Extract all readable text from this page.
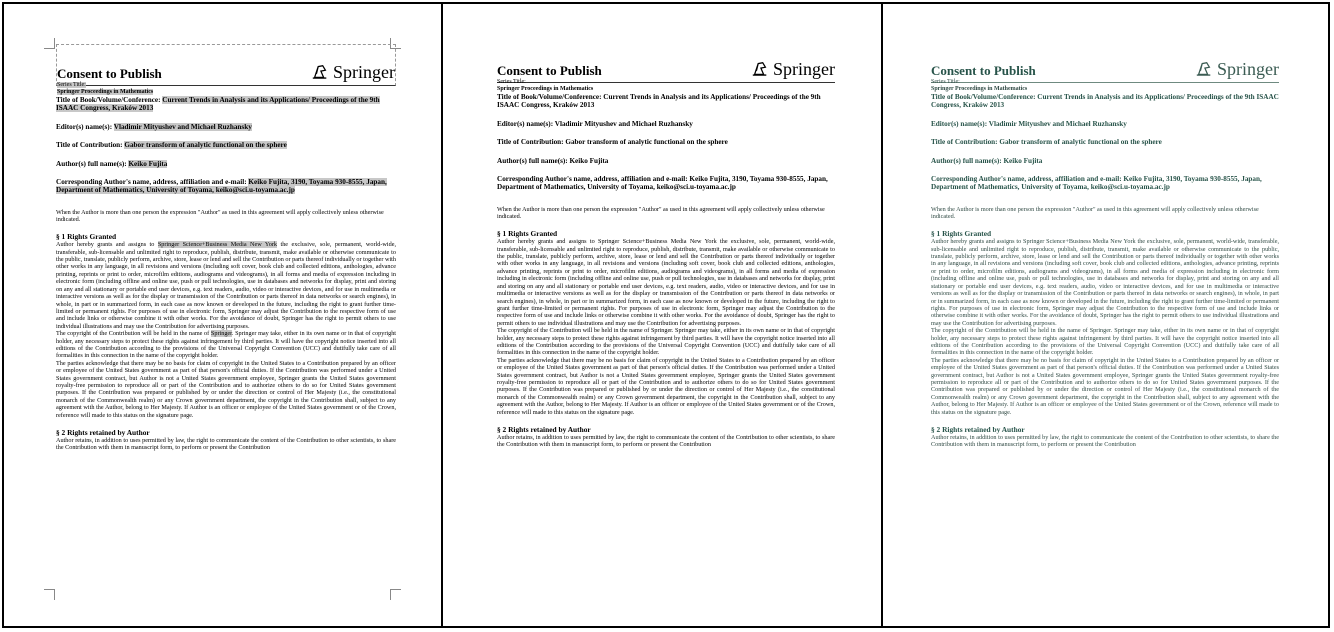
Consent to Publish	Springer
Series Title:
Springer Proceedings in Mathematics
Title of Book/Volume/Conference: Current Trends in Analysis and its Applications/ Proceedings of the 9th ISAAC Congress, Kraków 2013
Editor(s) name(s): Vladimir Mityushev and Michael Ruzhansky
Title of Contribution: Gabor transform of analytic functional on the sphere
Author(s) full name(s): Keiko Fujita
Corresponding Author's name, address, affiliation and e-mail: Keiko Fujita, 3190, Toyama 930-8555, Japan, Department of Mathematics, University of Toyama, keiko@sci.u-toyama.ac.jp
When the Author is more than one person the expression "Author" as used in this agreement will apply collectively unless otherwise indicated.
§ 1 Rights Granted
Author hereby grants and assigns to Springer Science+Business Media New York the exclusive, sole, permanent, world-wide, transferable, sub-licensable and unlimited right to reproduce, publish, distribute, transmit, make available or otherwise communicate to the public, translate, publicly perform, archive, store, lease or lend and sell the Contribution or parts thereof individually or together with other works in any language, in all revisions and versions (including soft cover, book club and collected editions, anthologies, advance printing, reprints or print to order, microfilm editions, audiograms and videograms), in all forms and media of expression including in electronic form (including offline and online use, push or pull technologies, use in databases and networks for display, print and storing on any and all stationary or portable end user devices, e.g. text readers, audio, video or interactive devices, and for use in multimedia or interactive versions as well as for the display or transmission of the Contribution or parts thereof in data networks or search engines), in whole, in part or in summarized form, in each case as now known or developed in the future, including the right to grant further time-limited or permanent rights. For purposes of use in electronic form, Springer may adjust the Contribution to the respective form of use and include links or otherwise combine it with other works. For the avoidance of doubt, Springer has the right to permit others to use individual illustrations and may use the Contribution for advertising purposes.
The copyright of the Contribution will be held in the name of Springer. Springer may take, either in its own name or in that of copyright holder, any necessary steps to protect these rights against infringement by third parties. It will have the copyright notice inserted into all editions of the Contribution according to the provisions of the Universal Copyright Convention (UCC) and dutifully take care of all formalities in this connection in the name of the copyright holder.
The parties acknowledge that there may be no basis for claim of copyright in the United States to a Contribution prepared by an officer or employee of the United States government as part of that person's official duties. If the Contribution was performed under a United States government contract, but Author is not a United States government employee, Springer grants the United States government royalty-free permission to reproduce all or part of the Contribution and to authorize others to do so for United States government purposes. If the Contribution was prepared or published by or under the direction or control of Her Majesty (i.e., the constitutional monarch of the Commonwealth realm) or any Crown government department, the copyright in the Contribution shall, subject to any agreement with the Author, belong to Her Majesty. If Author is an officer or employee of the United States government or of the Crown, reference will made to this status on the signature page.
§ 2 Rights retained by Author
Author retains, in addition to uses permitted by law, the right to communicate the content of the Contribution to other scientists, to share the Contribution with them in manuscript form, to perform or present the Contribution
Consent to Publish	Springer
Series Title:
Springer Proceedings in Mathematics
Title of Book/Volume/Conference: Current Trends in Analysis and its Applications/ Proceedings of the 9th ISAAC Congress, Kraków 2013
Editor(s) name(s): Vladimir Mityushev and Michael Ruzhansky
Title of Contribution: Gabor transform of analytic functional on the sphere
Author(s) full name(s): Keiko Fujita
Corresponding Author's name, address, affiliation and e-mail: Keiko Fujita, 3190, Toyama 930-8555, Japan, Department of Mathematics, University of Toyama, keiko@sci.u-toyama.ac.jp
When the Author is more than one person the expression "Author" as used in this agreement will apply collectively unless otherwise indicated.
§ 1 Rights Granted
Author hereby grants and assigns to Springer Science+Business Media New York the exclusive, sole, permanent, world-wide, transferable, sub-licensable and unlimited right to reproduce, publish, distribute, transmit, make available or otherwise communicate to the public, translate, publicly perform, archive, store, lease or lend and sell the Contribution or parts thereof individually or together with other works in any language, in all revisions and versions (including soft cover, book club and collected editions, anthologies, advance printing, reprints or print to order, microfilm editions, audiograms and videograms), in all forms and media of expression including in electronic form (including offline and online use, push or pull technologies, use in databases and networks for display, print and storing on any and all stationary or portable end user devices, e.g. text readers, audio, video or interactive devices, and for use in multimedia or interactive versions as well as for the display or transmission of the Contribution or parts thereof in data networks or search engines), in whole, in part or in summarized form, in each case as now known or developed in the future, including the right to grant further time-limited or permanent rights. For purposes of use in electronic form, Springer may adjust the Contribution to the respective form of use and include links or otherwise combine it with other works. For the avoidance of doubt, Springer has the right to permit others to use individual illustrations and may use the Contribution for advertising purposes.
The copyright of the Contribution will be held in the name of Springer. Springer may take, either in its own name or in that of copyright holder, any necessary steps to protect these rights against infringement by third parties. It will have the copyright notice inserted into all editions of the Contribution according to the provisions of the Universal Copyright Convention (UCC) and dutifully take care of all formalities in this connection in the name of the copyright holder.
The parties acknowledge that there may be no basis for claim of copyright in the United States to a Contribution prepared by an officer or employee of the United States government as part of that person's official duties. If the Contribution was performed under a United States government contract, but Author is not a United States government employee, Springer grants the United States government royalty-free permission to reproduce all or part of the Contribution and to authorize others to do so for United States government purposes. If the Contribution was prepared or published by or under the direction or control of Her Majesty (i.e., the constitutional monarch of the Commonwealth realm) or any Crown government department, the copyright in the Contribution shall, subject to any agreement with the Author, belong to Her Majesty. If Author is an officer or employee of the United States government or of the Crown, reference will made to this status on the signature page.
§ 2 Rights retained by Author
Author retains, in addition to uses permitted by law, the right to communicate the content of the Contribution to other scientists, to share the Contribution with them in manuscript form, to perform or present the Contribution
Consent to Publish	Springer
Series Title:
Springer Proceedings in Mathematics
Title of Book/Volume/Conference: Current Trends in Analysis and its Applications/ Proceedings of the 9th ISAAC Congress, Kraków 2013
Editor(s) name(s): Vladimir Mityushev and Michael Ruzhansky
Title of Contribution: Gabor transform of analytic functional on the sphere
Author(s) full name(s): Keiko Fujita
Corresponding Author's name, address, affiliation and e-mail: Keiko Fujita, 3190, Toyama 930-8555, Japan, Department of Mathematics, University of Toyama, keiko@sci.u-toyama.ac.jp
When the Author is more than one person the expression "Author" as used in this agreement will apply collectively unless otherwise indicated.
§ 1 Rights Granted
Author hereby grants and assigns to Springer Science+Business Media New York the exclusive, sole, permanent, world-wide, transferable, sub-licensable and unlimited right to reproduce, publish, distribute, transmit, make available or otherwise communicate to the public, translate, publicly perform, archive, store, lease or lend and sell the Contribution or parts thereof individually or together with other works in any language, in all revisions and versions (including soft cover, book club and collected editions, anthologies, advance printing, reprints or print to order, microfilm editions, audiograms and videograms), in all forms and media of expression including in electronic form (including offline and online use, push or pull technologies, use in databases and networks for display, print and storing on any and all stationary or portable end user devices, e.g. text readers, audio, video or interactive devices, and for use in multimedia or interactive versions as well as for the display or transmission of the Contribution or parts thereof in data networks or search engines), in whole, in part or in summarized form, in each case as now known or developed in the future, including the right to grant further time-limited or permanent rights. For purposes of use in electronic form, Springer may adjust the Contribution to the respective form of use and include links or otherwise combine it with other works. For the avoidance of doubt, Springer has the right to permit others to use individual illustrations and may use the Contribution for advertising purposes.
The copyright of the Contribution will be held in the name of Springer. Springer may take, either in its own name or in that of copyright holder, any necessary steps to protect these rights against infringement by third parties. It will have the copyright notice inserted into all editions of the Contribution according to the provisions of the Universal Copyright Convention (UCC) and dutifully take care of all formalities in this connection in the name of the copyright holder.
The parties acknowledge that there may be no basis for claim of copyright in the United States to a Contribution prepared by an officer or employee of the United States government as part of that person's official duties. If the Contribution was performed under a United States government contract, but Author is not a United States government employee, Springer grants the United States government royalty-free permission to reproduce all or part of the Contribution and to authorize others to do so for United States government purposes. If the Contribution was prepared or published by or under the direction or control of Her Majesty (i.e., the constitutional monarch of the Commonwealth realm) or any Crown government department, the copyright in the Contribution shall, subject to any agreement with the Author, belong to Her Majesty. If Author is an officer or employee of the United States government or of the Crown, reference will made to this status on the signature page.
§ 2 Rights retained by Author
Author retains, in addition to uses permitted by law, the right to communicate the content of the Contribution to other scientists, to share the Contribution with them in manuscript form, to perform or present the Contribution
